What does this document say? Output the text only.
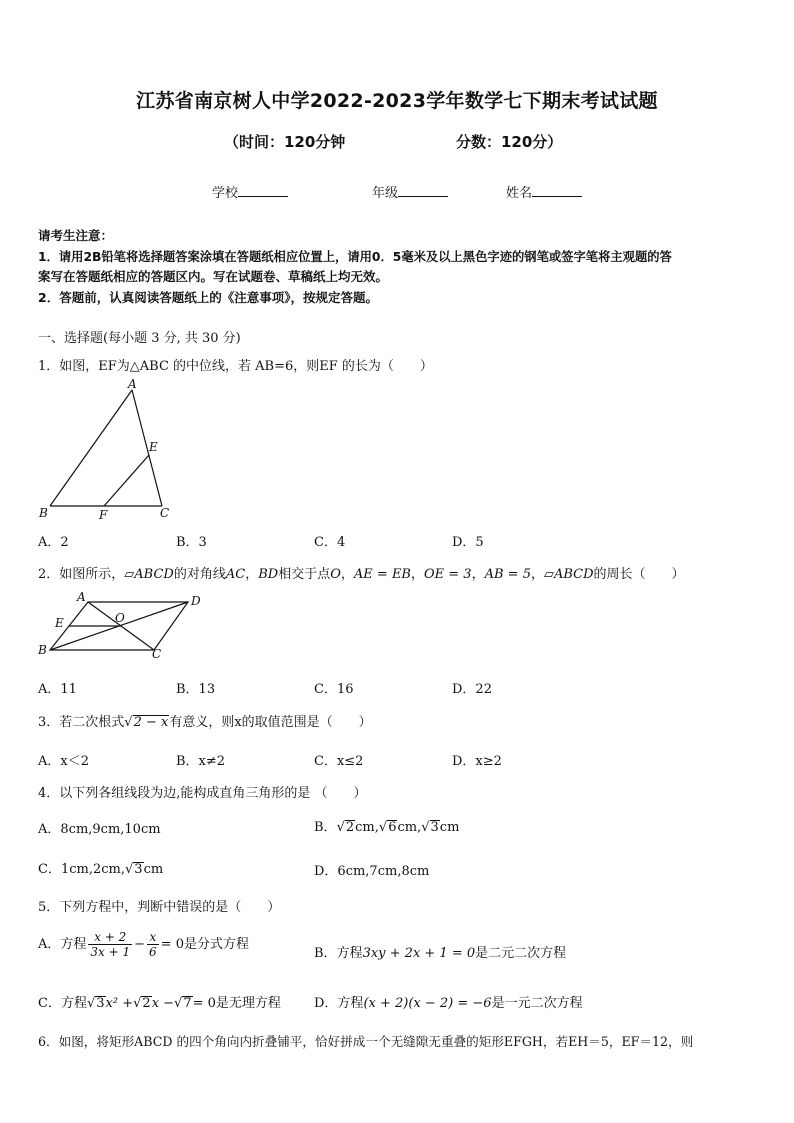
江苏省南京树人中学2022-2023学年数学七下期末考试试题
（时间：120分钟	分数：120分）
学校	年级	姓名
请考生注意：
1．请用2B铅笔将选择题答案涂填在答题纸相应位置上，请用0．5毫米及以上黑色字迹的钢笔或签字笔将主观题的答
案写在答题纸相应的答题区内。写在试题卷、草稿纸上均无效。
2．答题前，认真阅读答题纸上的《注意事项》，按规定答题。
一、选择题(每小题 3 分, 共 30 分)
1．如图，EF为△ABC 的中位线，若 AB=6，则EF 的长为（　　）
A
B	C
E
F
A．2	B．3	C．4	D．5
2．如图所示，▱ABCD的对角线AC，BD相交于点O，AE = EB，OE = 3，AB = 5，▱ABCD的周长（　　）
A	D
B	C
E	O
A．11	B．13	C．16	D．22
3．若二次根式√2 − x有意义，则x的取值范围是（　　）
A．x＜2	B．x≠2	C．x≤2	D．x≥2
4．以下列各组线段为边,能构成直角三角形的是 （　　）
A．8cm,9cm,10cm	B．√2cm,√6cm,√3cm
C．1cm,2cm,√3cm	D．6cm,7cm,8cm
5．下列方程中，判断中错误的是（　　）
A．方程 $\frac{x + 2}{3x + 1} - \frac{x}{6} = 0$是分式方程
B．方程3xy + 2x + 1 = 0是二元二次方程
C．方程√3x² +√2x −√7= 0是无理方程	D．方程(x + 2)(x − 2) = −6是一元二次方程
6．如图，将矩形ABCD 的四个角向内折叠铺平，恰好拼成一个无缝隙无重叠的矩形EFGH，若EH＝5，EF＝12，则
